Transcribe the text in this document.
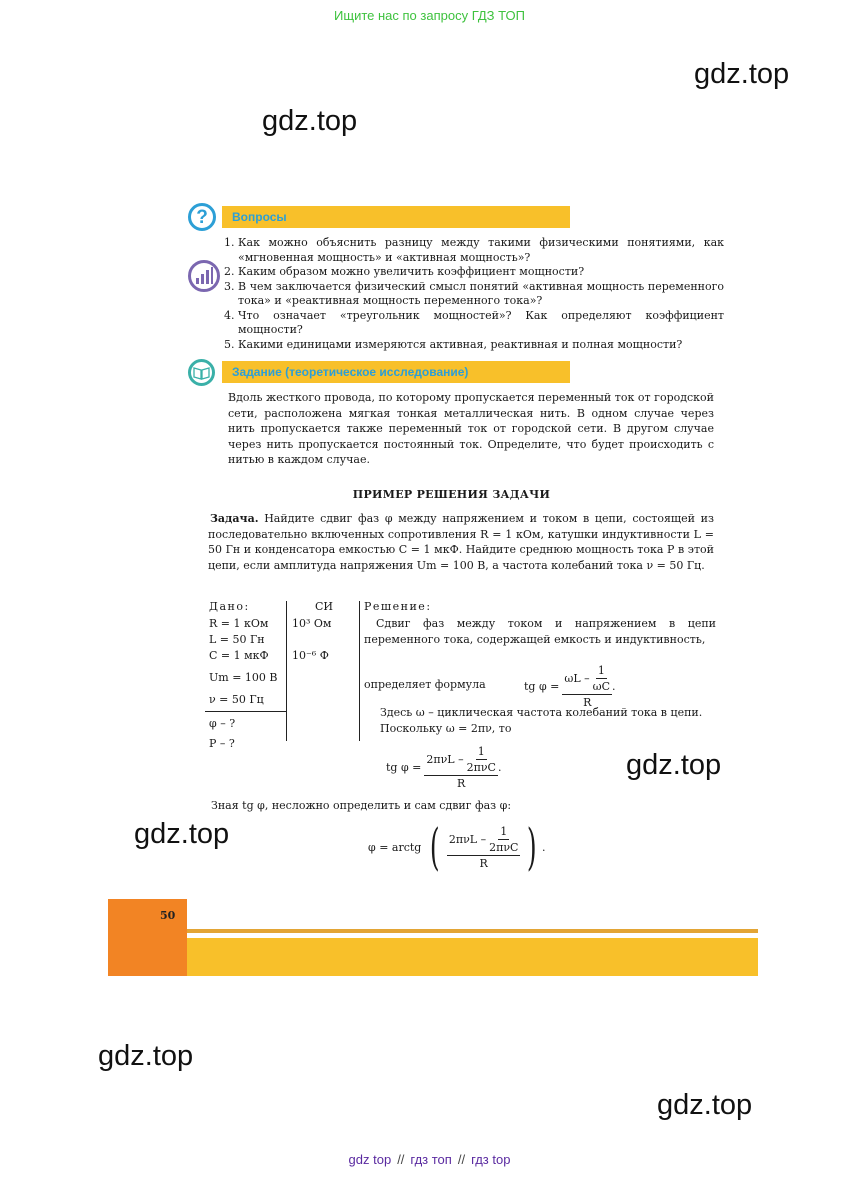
Ищите нас по запросу ГДЗ ТОП
gdz.top
gdz.top
gdz.top
gdz.top
gdz.top
gdz.top
?	Вопросы
1. Как можно объяснить разницу между такими физическими понятиями, как «мгновенная мощность» и «активная мощность»?
2. Каким образом можно увеличить коэффициент мощности?
3. В чем заключается физический смысл понятий «активная мощность переменного тока» и «реактивная мощность переменного тока»?
4. Что означает «треугольник мощностей»? Как определяют коэффициент мощности?
5. Какими единицами измеряются активная, реактивная и полная мощности?
Задание (теоретическое исследование)
Вдоль жесткого провода, по которому пропускается переменный ток от городской сети, расположена мягкая тонкая металлическая нить. В одном случае через нить пропускается также переменный ток от городской сети. В другом случае через нить пропускается постоянный ток. Определите, что будет происходить с нитью в каждом случае.
ПРИМЕР РЕШЕНИЯ ЗАДАЧИ
Задача. Найдите сдвиг фаз φ между напряжением и током в цепи, состоящей из последовательно включенных сопротивления R = 1 кОм, катушки индуктивности L = 50 Гн и конденсатора емкостью C = 1 мкФ. Найдите среднюю мощность тока P в этой цепи, если амплитуда напряжения Um = 100 В, а частота колебаний тока ν = 50 Гц.
Дано:	СИ
R = 1 кОм 10³ Ом
L = 50 Гн
C = 1 мкФ 10⁻⁶ Ф
Um = 100 В
ν = 50 Гц
φ – ?
P – ?
Решение:
Сдвиг фаз между током и напряжением в цепи переменного тока, содержащей емкость и индуктивность,
определяет формула	tg $\varphi = \frac{\omega L - \frac{1}{\omega C}}{R}$ .
Здесь ω – циклическая частота колебаний тока в цепи.
Поскольку ω = 2πν, то
tg $\varphi = \frac{2\pi\nu L - \frac{1}{\text{2πνC}}}{R}$ .
Зная tg φ, несложно определить и сам сдвиг фаз φ:
φ = arctg ( $\frac{2\pi\nu L - \frac{1}{\text{2πνC}}}{R}$ ) .
50
gdz top // гдз топ // гдз top
